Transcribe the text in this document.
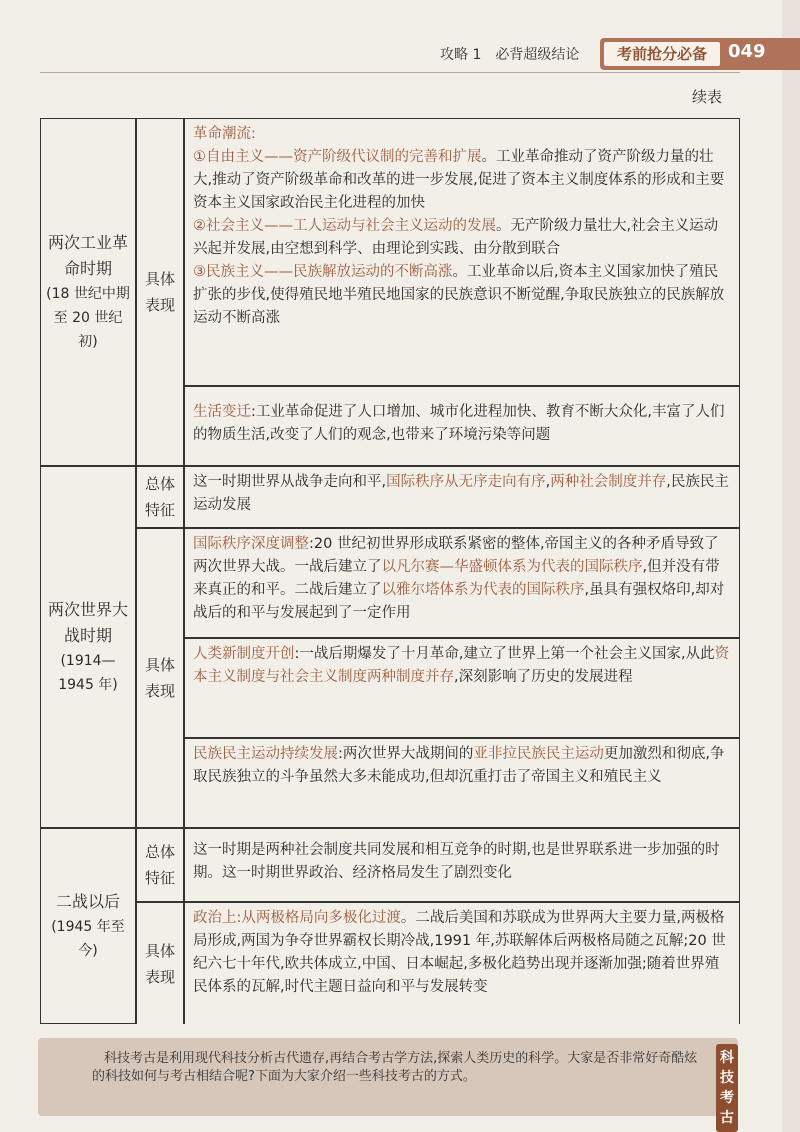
攻略 1 必背超级结论	考前抢分必备	049
续表
两次工业革命时期
(18 世纪中期至 20 世纪初)
具体表现

革命潮流:

①自由主义——资产阶级代议制的完善和扩展。工业革命推动了资产阶级力量的壮大,推动了资产阶级革命和改革的进一步发展,促进了资本主义制度体系的形成和主要资本主义国家政治民主化进程的加快

②社会主义——工人运动与社会主义运动的发展。无产阶级力量壮大,社会主义运动兴起并发展,由空想到科学、由理论到实践、由分散到联合

③民族主义——民族解放运动的不断高涨。工业革命以后,资本主义国家加快了殖民扩张的步伐,使得殖民地半殖民地国家的民族意识不断觉醒,争取民族独立的民族解放运动不断高涨

生活变迁:工业革命促进了人口增加、城市化进程加快、教育不断大众化,丰富了人们的物质生活,改变了人们的观念,也带来了环境污染等问题

两次世界大战时期
(1914—1945 年)
总体特征

这一时期世界从战争走向和平,国际秩序从无序走向有序,两种社会制度并存,民族民主运动发展

具体表现

国际秩序深度调整:20 世纪初世界形成联系紧密的整体,帝国主义的各种矛盾导致了两次世界大战。一战后建立了以凡尔赛—华盛顿体系为代表的国际秩序,但并没有带来真正的和平。二战后建立了以雅尔塔体系为代表的国际秩序,虽具有强权烙印,却对战后的和平与发展起到了一定作用

人类新制度开创:一战后期爆发了十月革命,建立了世界上第一个社会主义国家,从此资本主义制度与社会主义制度两种制度并存,深刻影响了历史的发展进程

民族民主运动持续发展:两次世界大战期间的亚非拉民族民主运动更加激烈和彻底,争取民族独立的斗争虽然大多未能成功,但却沉重打击了帝国主义和殖民主义

二战以后
(1945 年至今)
总体特征

这一时期是两种社会制度共同发展和相互竞争的时期,也是世界联系进一步加强的时期。这一时期世界政治、经济格局发生了剧烈变化

具体表现

政治上:从两极格局向多极化过渡。二战后美国和苏联成为世界两大主要力量,两极格局形成,两国为争夺世界霸权长期冷战,1991 年,苏联解体后两极格局随之瓦解;20 世纪六七十年代,欧共体成立,中国、日本崛起,多极化趋势出现并逐渐加强;随着世界殖民体系的瓦解,时代主题日益向和平与发展转变

科技考古是利用现代科技分析古代遗存,再结合考古学方法,探索人类历史的科学。大家是否非常好奇酷炫的科技如何与考古相结合呢?下面为大家介绍一些科技考古的方式。
科技考古
